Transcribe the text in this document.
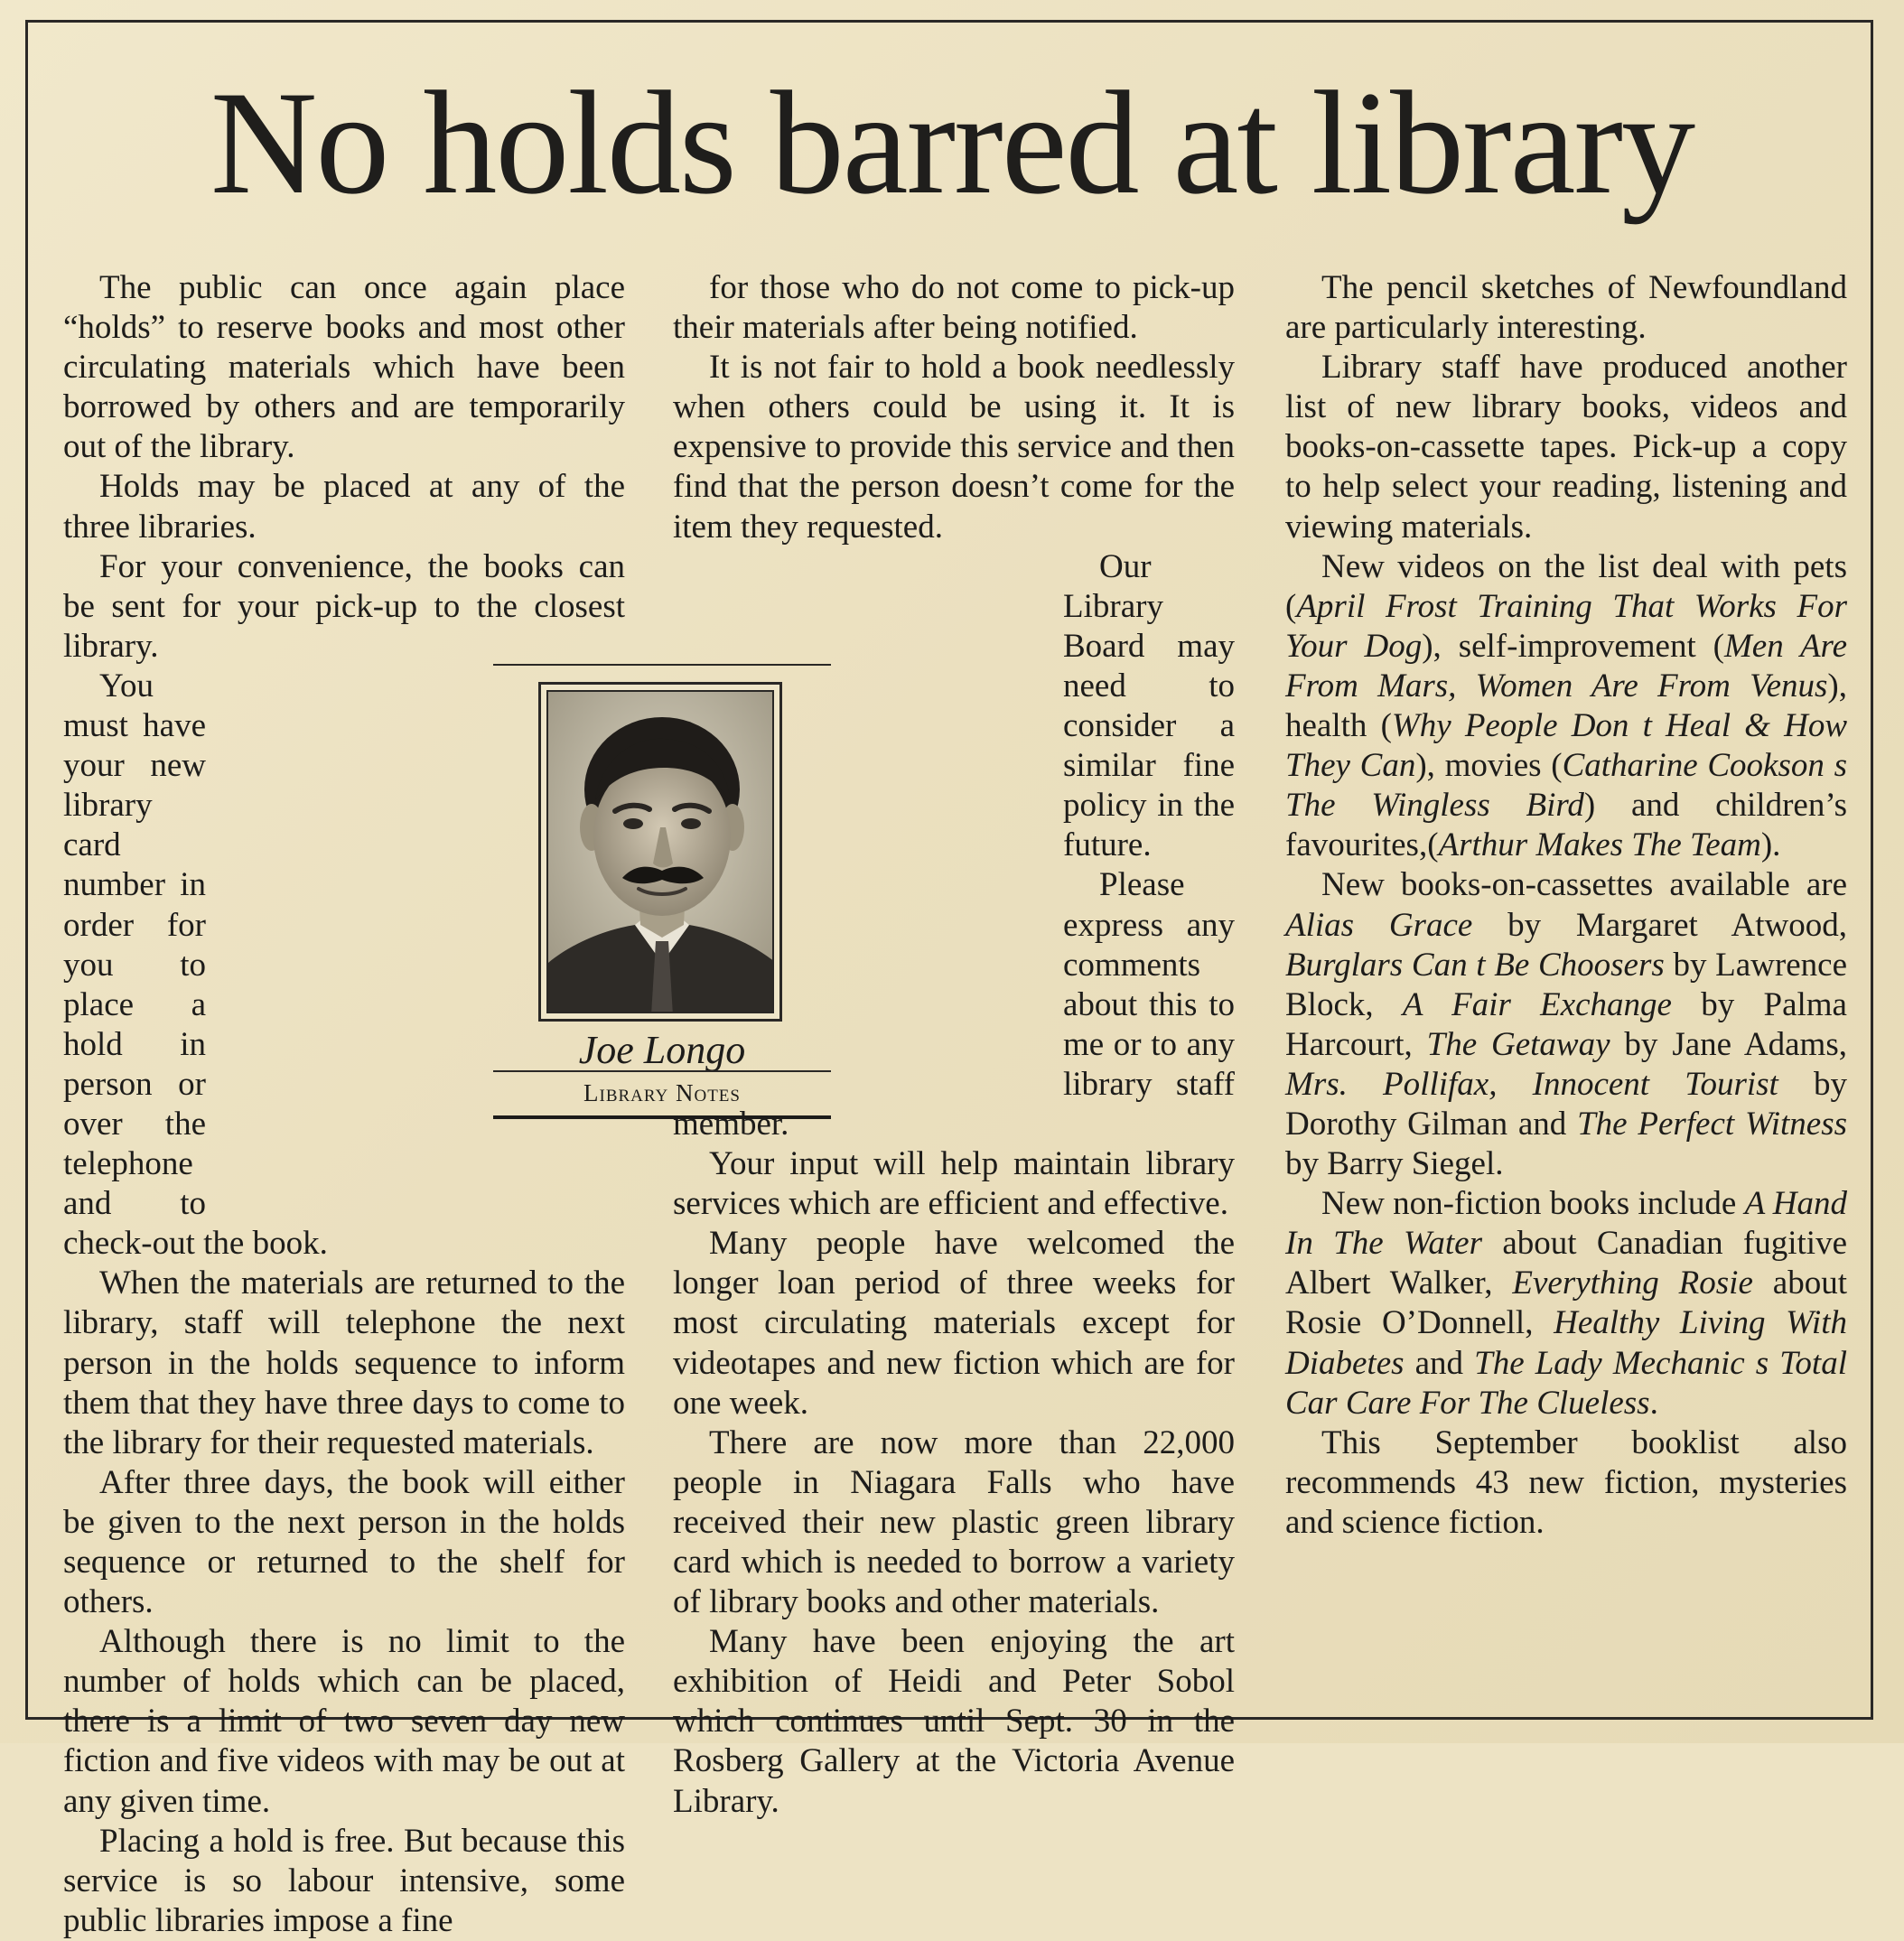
No holds barred at library

The public can once again place “holds” to reserve books and most other circulating materials which have been borrowed by others and are temporarily out of the library.

Holds may be placed at any of the three libraries.

For your convenience, the books can be sent for your pick-up to the closest library.

You must have your new library card number in order for you to place a hold in person or over the telephone and to check-out the book.

When the materials are returned to the library, staff will telephone the next person in the holds sequence to inform them that they have three days to come to the library for their requested materials.

After three days, the book will either be given to the next person in the holds sequence or returned to the shelf for others.

Although there is no limit to the number of holds which can be placed, there is a limit of two seven day new fiction and five videos with may be out at any given time.

Placing a hold is free. But because this service is so labour intensive, some public libraries impose a fine

for those who do not come to pick-up their materials after being notified.

It is not fair to hold a book needlessly when others could be using it. It is expensive to provide this service and then find that the person doesn’t come for the item they requested.

Our Library Board may need to consider a similar fine policy in the future.

Please express any comments about this to me or to any library staff member.

Your input will help maintain library services which are efficient and effective.

Many people have welcomed the longer loan period of three weeks for most circulating materials except for videotapes and new fiction which are for one week.

There are now more than 22,000 people in Niagara Falls who have received their new plastic green library card which is needed to borrow a variety of library books and other materials.

Many have been enjoying the art exhibition of Heidi and Peter Sobol which continues until Sept. 30 in the Rosberg Gallery at the Victoria Avenue Library.

The pencil sketches of Newfoundland are particularly interesting.

Library staff have produced another list of new library books, videos and books-on-cassette tapes. Pick-up a copy to help select your reading, listening and viewing materials.

New videos on the list deal with pets (April Frost Training That Works For Your Dog), self-improvement (Men Are From Mars, Women Are From Venus), health (Why People Don t Heal & How They Can), movies (Catharine Cookson s The Wingless Bird) and children’s favourites,(Arthur Makes The Team).

New books-on-cassettes available are Alias Grace by Margaret Atwood, Burglars Can t Be Choosers by Lawrence Block, A Fair Exchange by Palma Harcourt, The Getaway by Jane Adams, Mrs. Pollifax, Innocent Tourist by Dorothy Gilman and The Perfect Witness by Barry Siegel.

New non-fiction books include A Hand In The Water about Canadian fugitive Albert Walker, Everything Rosie about Rosie O’Donnell, Healthy Living With Diabetes and The Lady Mechanic s Total Car Care For The Clueless.

This September booklist also recommends 43 new fiction, mysteries and science fiction.

Joe Longo
Library Notes
